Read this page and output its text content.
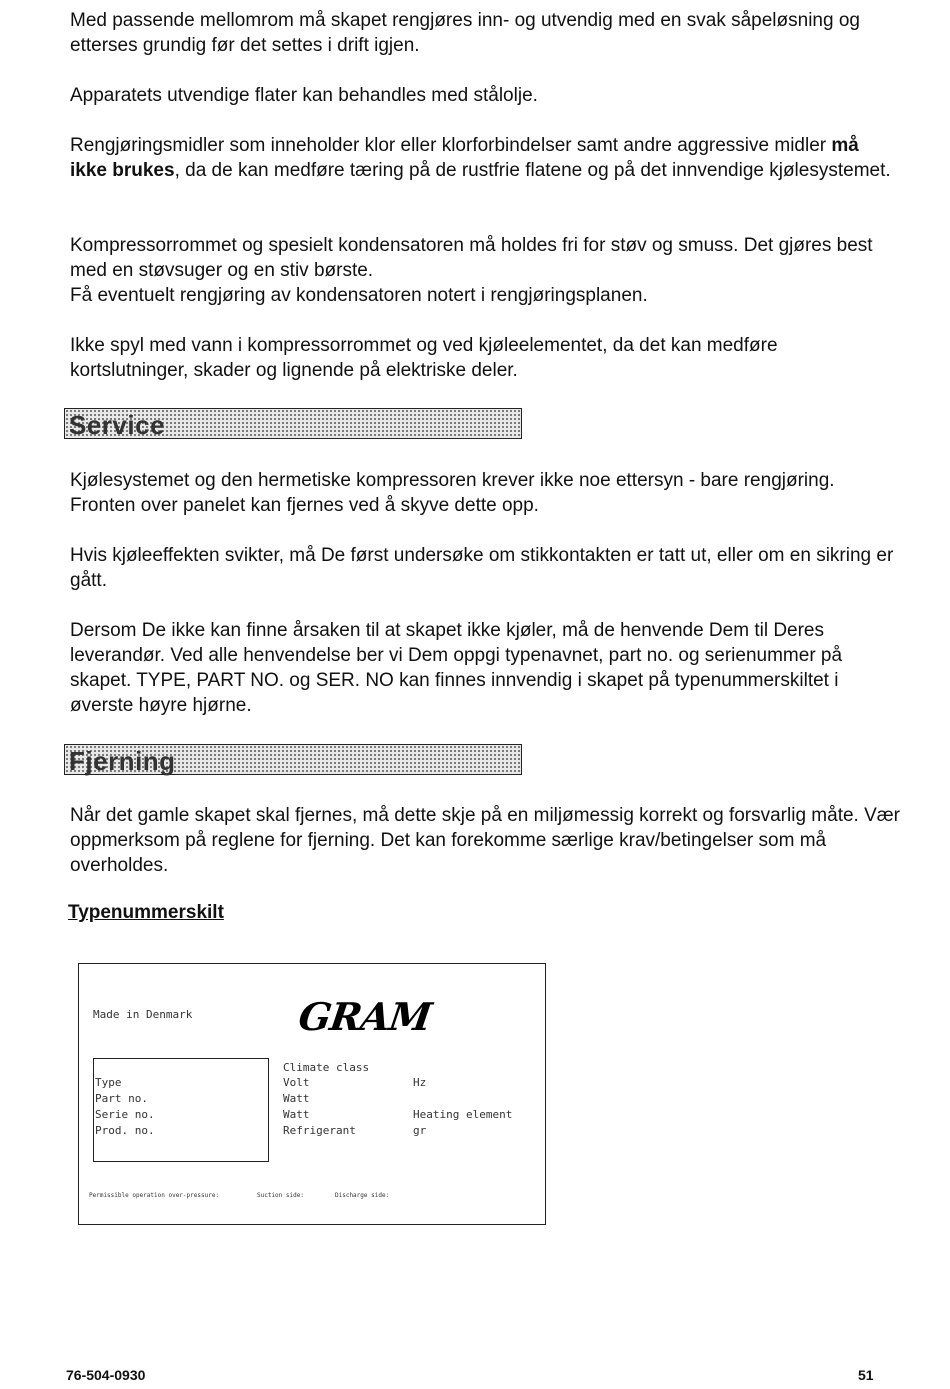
Med passende mellomrom må skapet rengjøres inn- og utvendig med en svak såpeløsning og etterses grundig før det settes i drift igjen.

Apparatets utvendige flater kan behandles med stålolje.

Rengjøringsmidler som inneholder klor eller klorforbindelser samt andre aggressive midler må ikke brukes, da de kan medføre tæring på de rustfrie flatene og på det innvendige kjølesystemet.

Kompressorrommet og spesielt kondensatoren må holdes fri for støv og smuss. Det gjøres best med en støvsuger og en stiv børste.
Få eventuelt rengjøring av kondensatoren notert i rengjøringsplanen.

Ikke spyl med vann i kompressorrommet og ved kjøleelementet, da det kan medføre kortslutninger, skader og lignende på elektriske deler.

Service

Kjølesystemet og den hermetiske kompressoren krever ikke noe ettersyn - bare rengjøring. Fronten over panelet kan fjernes ved å skyve dette opp.

Hvis kjøleeffekten svikter, må De først undersøke om stikkontakten er tatt ut, eller om en sikring er gått.

Dersom De ikke kan finne årsaken til at skapet ikke kjøler, må de henvende Dem til Deres leverandør. Ved alle henvendelse ber vi Dem oppgi typenavnet, part no. og serienummer på skapet. TYPE, PART NO. og SER. NO kan finnes innvendig i skapet på typenummerskiltet i øverste høyre hjørne.

Fjerning

Når det gamle skapet skal fjernes, må dette skje på en miljømessig korrekt og forsvarlig måte. Vær oppmerksom på reglene for fjerning. Det kan forekomme særlige krav/betingelser som må overholdes.

Typenummerskilt
Made in Denmark	GRAM
Type
Part no.
Serie no.
Prod. no.
Climate class
Volt
Watt
Watt
Refrigerant
Hz
Heating element
gr
Permissible operation over-pressure:	Suction side:	Discharge side:
76-504-0930	51
